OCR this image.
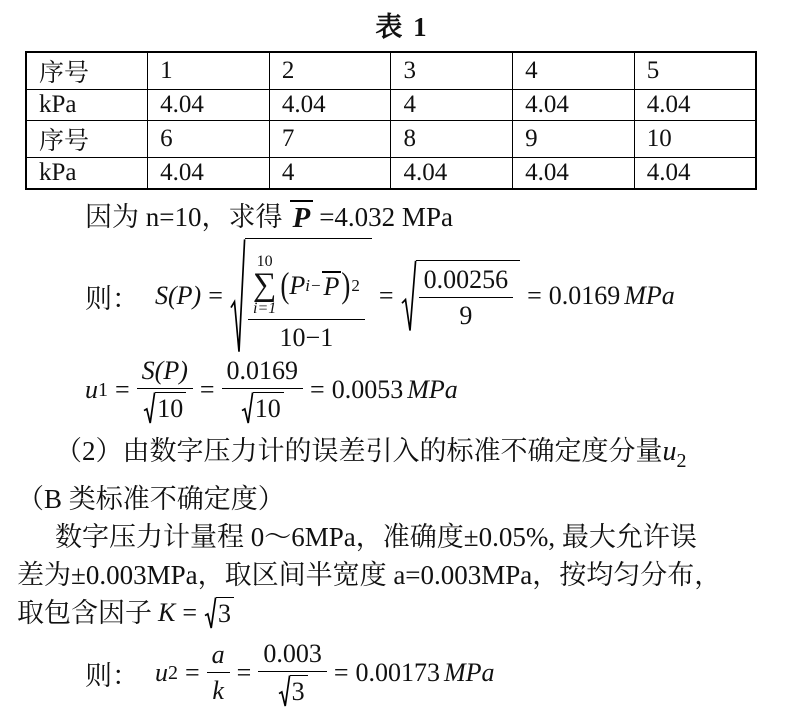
表 1
序号	1	2	3	4	5
kPa	4.04	4.04	4	4.04	4.04
序号	6	7	8	9	10
kPa	4.04	4	4.04	4.04	4.04
因为 n=10，求得 P =4.032 MPa
则： S(P) =
10
∑
i=1
( P i− P ) 2
10−1
= $\frac{0.00256}{9} = 0.0169$ MPa
u $1 = \frac{S(P)}{10} = \frac{0.0169}{10} = 0.0053$ MPa
（2）由数字压力计的误差引入的标准不确定度分量$u_2$
（B 类标准不确定度）
数字压力计量程 0～6MPa，准确度±0.05%, 最大允许误
差为±0.003MPa，取区间半宽度 a=0.003MPa，按均匀分布，
取包含因子 K = 3
则： u $2 = \frac{a}{k} = \frac{0.003}{3} = 0.00173$ MPa
